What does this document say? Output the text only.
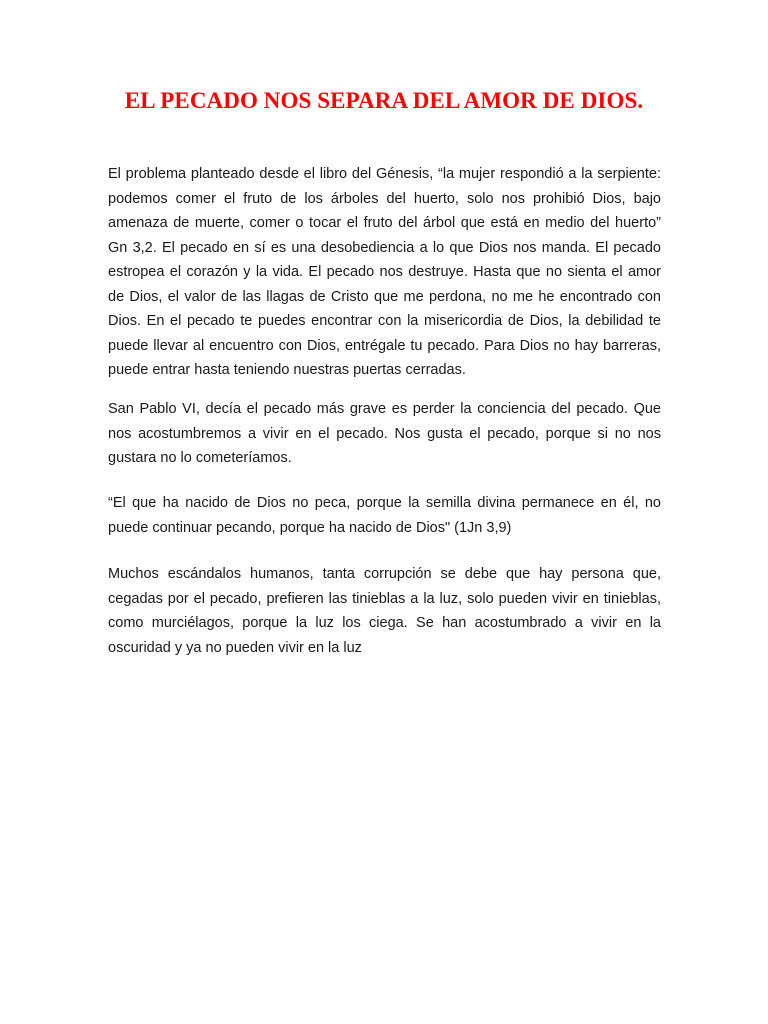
EL PECADO NOS SEPARA DEL AMOR DE DIOS.

El problema planteado desde el libro del Génesis, “la mujer respondió a la serpiente: podemos comer el fruto de los árboles del huerto, solo nos prohibió Dios, bajo amenaza de muerte, comer o tocar el fruto del árbol que está en medio del huerto” Gn 3,2. El pecado en sí es una desobediencia a lo que Dios nos manda. El pecado estropea el corazón y la vida. El pecado nos destruye. Hasta que no sienta el amor de Dios, el valor de las llagas de Cristo que me perdona, no me he encontrado con Dios. En el pecado te puedes encontrar con la misericordia de Dios, la debilidad te puede llevar al encuentro con Dios, entrégale tu pecado. Para Dios no hay barreras, puede entrar hasta teniendo nuestras puertas cerradas.

San Pablo VI, decía el pecado más grave es perder la conciencia del pecado. Que nos acostumbremos a vivir en el pecado. Nos gusta el pecado, porque si no nos gustara no lo cometeríamos.

“El que ha nacido de Dios no peca, porque la semilla divina permanece en él, no puede continuar pecando, porque ha nacido de Dios" (1Jn 3,9)

Muchos escándalos humanos, tanta corrupción se debe que hay persona que, cegadas por el pecado, prefieren las tinieblas a la luz, solo pueden vivir en tinieblas, como murciélagos, porque la luz los ciega. Se han acostumbrado a vivir en la oscuridad y ya no pueden vivir en la luz
